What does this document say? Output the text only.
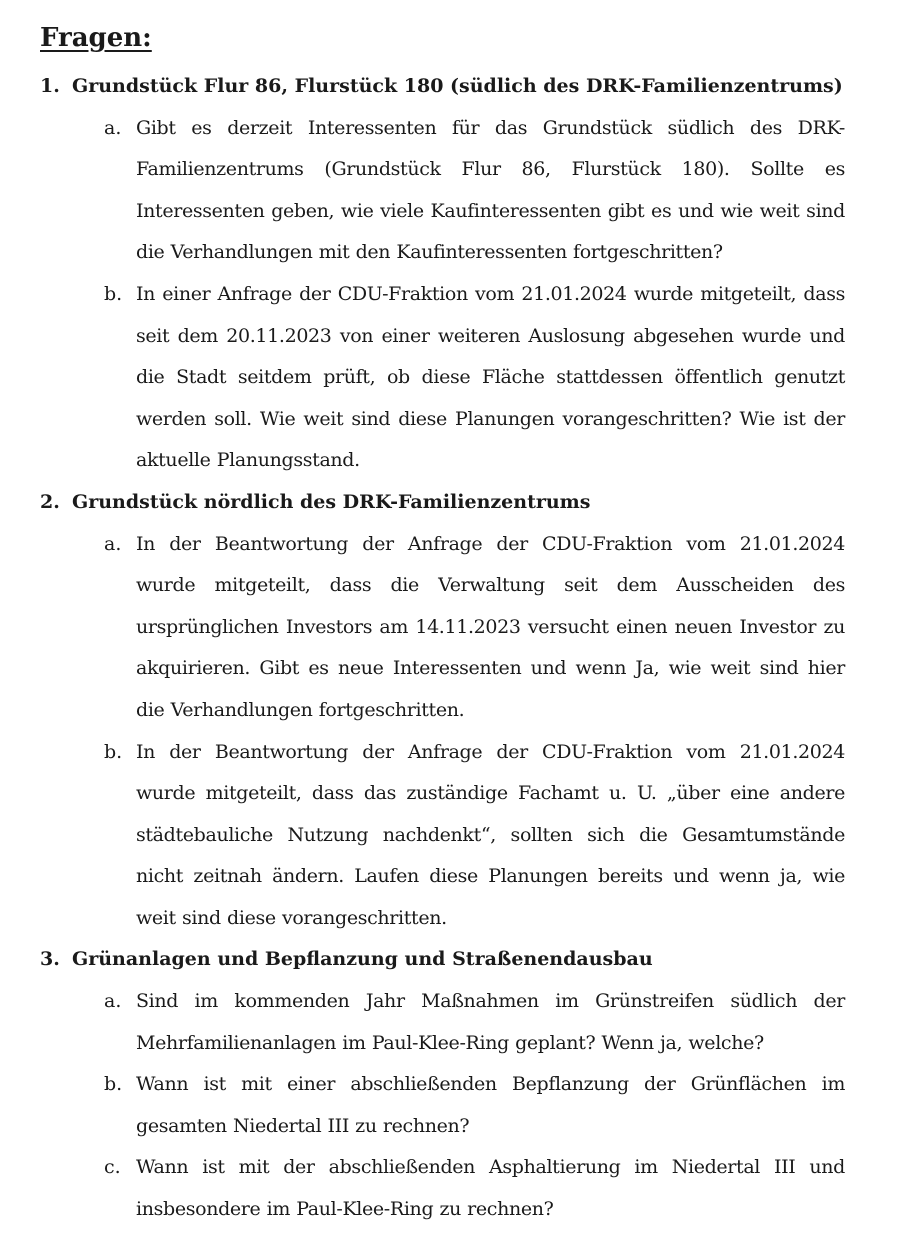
Fragen:
1. Grundstück Flur 86, Flurstück 180 (südlich des DRK-Familienzentrums)
a. Gibt es derzeit Interessenten für das Grundstück südlich des DRK-Familienzentrums (Grundstück Flur 86, Flurstück 180). Sollte es Interessenten geben, wie viele Kaufinteressenten gibt es und wie weit sind die Verhandlungen mit den Kaufinteressenten fortgeschritten?
b. In einer Anfrage der CDU-Fraktion vom 21.01.2024 wurde mitgeteilt, dass seit dem 20.11.2023 von einer weiteren Auslosung abgesehen wurde und die Stadt seitdem prüft, ob diese Fläche stattdessen öffentlich genutzt werden soll. Wie weit sind diese Planungen vorangeschritten? Wie ist der aktuelle Planungsstand.
2. Grundstück nördlich des DRK-Familienzentrums
a. In der Beantwortung der Anfrage der CDU-Fraktion vom 21.01.2024 wurde mitgeteilt, dass die Verwaltung seit dem Ausscheiden des ursprünglichen Investors am 14.11.2023 versucht einen neuen Investor zu akquirieren. Gibt es neue Interessenten und wenn Ja, wie weit sind hier die Verhandlungen fortgeschritten.
b. In der Beantwortung der Anfrage der CDU-Fraktion vom 21.01.2024 wurde mitgeteilt, dass das zuständige Fachamt u. U. „über eine andere städtebauliche Nutzung nachdenkt“, sollten sich die Gesamtumstände nicht zeitnah ändern. Laufen diese Planungen bereits und wenn ja, wie weit sind diese vorangeschritten.
3. Grünanlagen und Bepflanzung und Straßenendausbau
a. Sind im kommenden Jahr Maßnahmen im Grünstreifen südlich der Mehrfamilienanlagen im Paul-Klee-Ring geplant? Wenn ja, welche?
b. Wann ist mit einer abschließenden Bepflanzung der Grünflächen im gesamten Niedertal III zu rechnen?
c. Wann ist mit der abschließenden Asphaltierung im Niedertal III und insbesondere im Paul-Klee-Ring zu rechnen?
